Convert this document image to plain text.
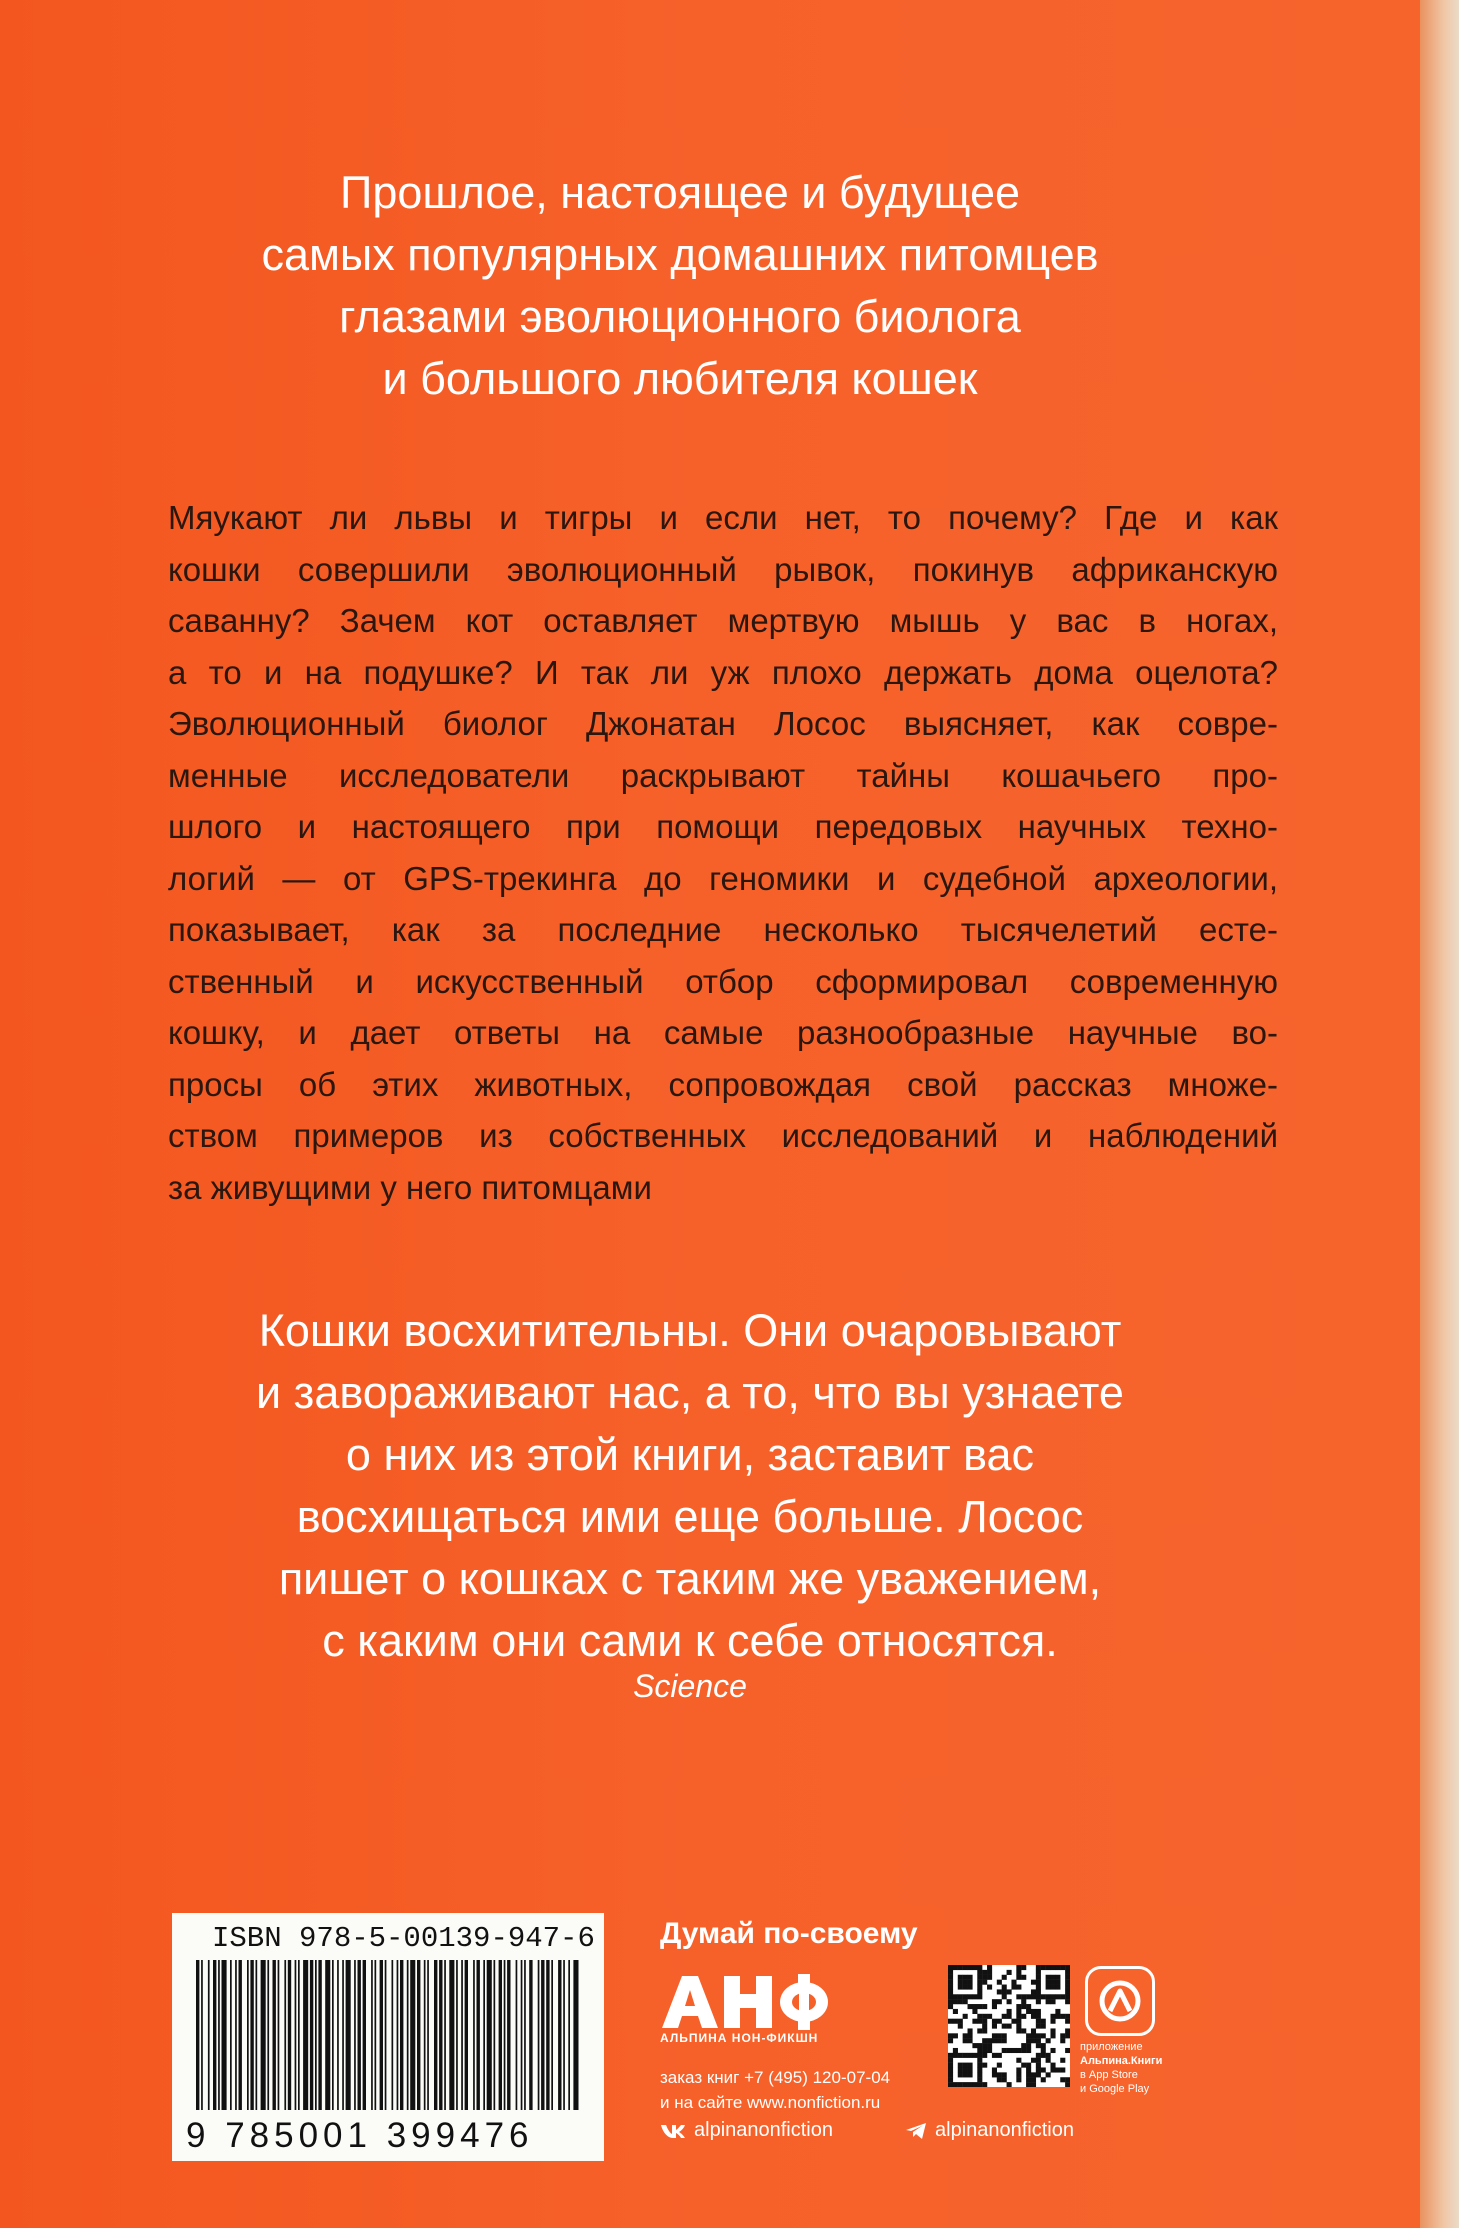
Прошлое, настоящее и будущее
самых популярных домашних питомцев
глазами эволюционного биолога
и большого любителя кошек

Мяукают ли львы и тигры и если нет, то почему? Где и как
кошки совершили эволюционный рывок, покинув африканскую
саванну? Зачем кот оставляет мертвую мышь у вас в ногах,
а то и на подушке? И так ли уж плохо держать дома оцелота?
Эволюционный биолог Джонатан Лосос выясняет, как совре-
менные исследователи раскрывают тайны кошачьего про-
шлого и настоящего при помощи передовых научных техно-
логий — от GPS-трекинга до геномики и судебной археологии,
показывает, как за последние несколько тысячелетий есте-
ственный и искусственный отбор сформировал современную
кошку, и дает ответы на самые разнообразные научные во-
просы об этих животных, сопровождая свой рассказ множе-
ством примеров из собственных исследований и наблюдений
за живущими у него питомцами

Кошки восхитительны. Они очаровывают
и завораживают нас, а то, что вы узнаете
о них из этой книги, заставит вас
восхищаться ими еще больше. Лосос
пишет о кошках с таким же уважением,
с каким они сами к себе относятся.

Science
ISBN 978-5-00139-947-6
9 785001 399476
Думай по-своему
АЛЬПИНА НОН-ФИКШН
заказ книг +7 (495) 120-07-04
и на сайте www.nonfiction.ru
приложение
Альпина.Книги
в App Store
и Google Play
alpinanonfiction	alpinanonfiction
